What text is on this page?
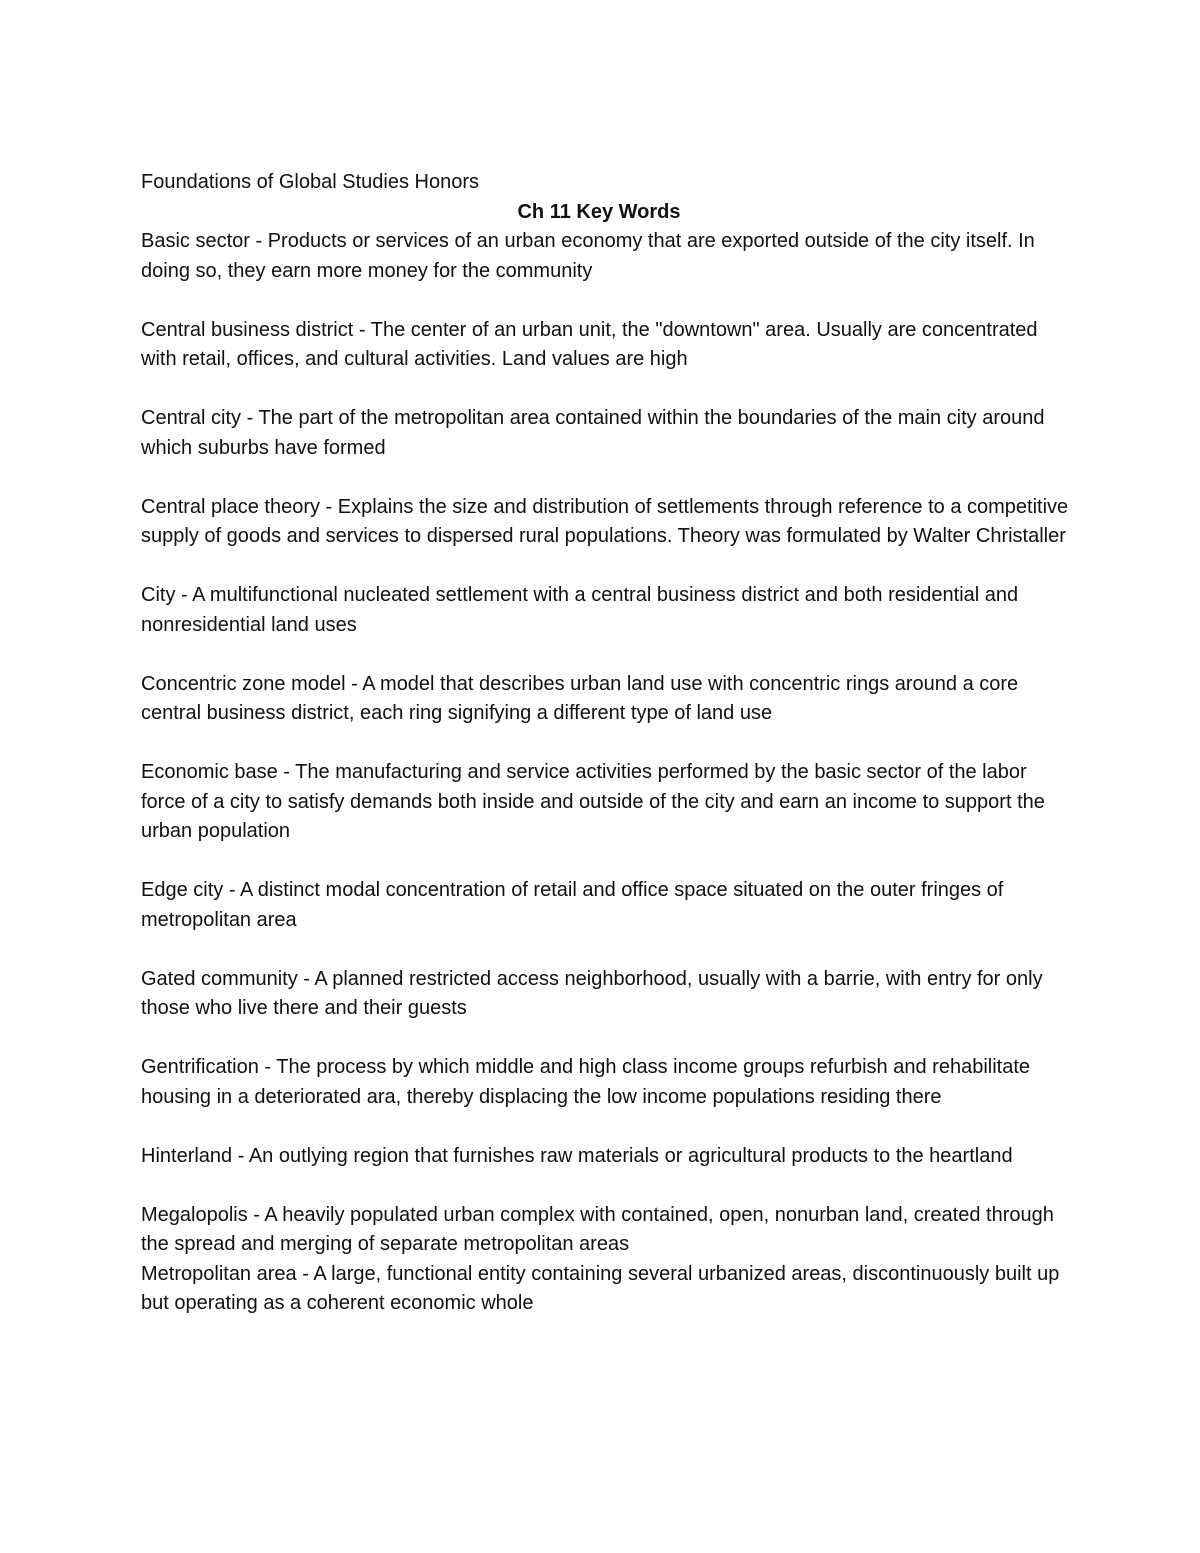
Foundations of Global Studies Honors
Ch 11 Key Words

Basic sector - Products or services of an urban economy that are exported outside of the city itself. In doing so, they earn more money for the community

Central business district - The center of an urban unit, the "downtown" area. Usually are concentrated with retail, offices, and cultural activities. Land values are high

Central city - The part of the metropolitan area contained within the boundaries of the main city around which suburbs have formed

Central place theory - Explains the size and distribution of settlements through reference to a competitive supply of goods and services to dispersed rural populations. Theory was formulated by Walter Christaller

City - A multifunctional nucleated settlement with a central business district and both residential and nonresidential land uses

Concentric zone model - A model that describes urban land use with concentric rings around a core central business district, each ring signifying a different type of land use

Economic base - The manufacturing and service activities performed by the basic sector of the labor force of a city to satisfy demands both inside and outside of the city and earn an income to support the urban population

Edge city - A distinct modal concentration of retail and office space situated on the outer fringes of metropolitan area

Gated community - A planned restricted access neighborhood, usually with a barrie, with entry for only those who live there and their guests

Gentrification - The process by which middle and high class income groups refurbish and rehabilitate housing in a deteriorated ara, thereby displacing the low income populations residing there

Hinterland - An outlying region that furnishes raw materials or agricultural products to the heartland

Megalopolis - A heavily populated urban complex with contained, open, nonurban land, created through the spread and merging of separate metropolitan areas

Metropolitan area - A large, functional entity containing several urbanized areas, discontinuously built up but operating as a coherent economic whole
